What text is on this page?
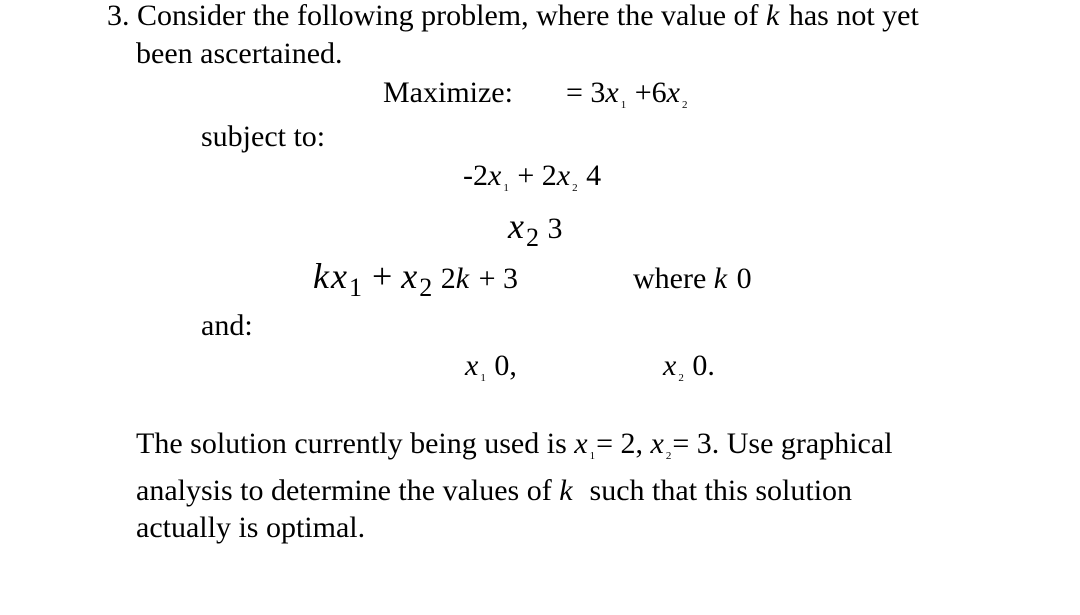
3. Consider the following problem, where the value of k has not yet
been ascertained.
Maximize: = 3x $_1$ +6x $_2$
subject to:
-2x $_1$ + 2x $_2$ 4
$x_2$ 3
$kx_1 + x_2$ 2k + 3	where k 0
and:
x $_1$ 0,	x $_2$ 0.
The solution currently being used is x $_1$= 2, x $_2$= 3. Use graphical
analysis to determine the values of k  such that this solution
actually is optimal.
